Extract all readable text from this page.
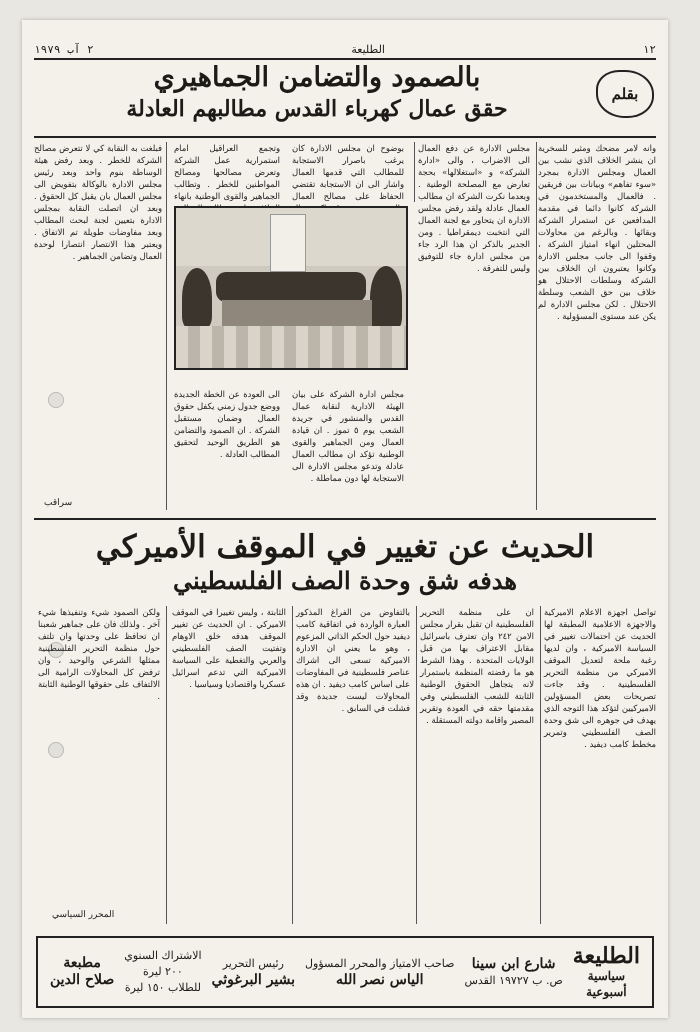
١٢
الطليعة
٢ آب ١٩٧٩
بقلم
بالصمود والتضامن الجماهيري
حقق عمال كهرباء القدس مطالبهم العادلة
وانه لامر مضحك ومثير للسخرية ان ينشر الخلاف الذي نشب بين العمال ومجلس الادارة بمجرد «سوء تفاهم» وبيانات بين فريقين . فالعمال والمستخدمون في الشركة كانوا دائما في مقدمة المدافعين عن استمرار الشركة وبقائها . وبالرغم من محاولات المحتلين انهاء امتياز الشركة ، وقفوا الى جانب مجلس الادارة وكانوا يعتبرون ان الخلاف بين الشركة وسلطات الاحتلال هو خلاف بين حق الشعب وسلطة الاحتلال . لكن مجلس الادارة لم يكن عند مستوى المسؤولية .
مجلس الادارة عن دفع العمال الى الاضراب ، والى «ادارة الشركة» و «استغلالها» بحجة تعارض مع المصلحة الوطنية . وبعدما نكرت الشركة ان مطالب العمال عادلة ولقد رفض مجلس الادارة ان يتحاور مع لجنة العمال التي انتخبت ديمقراطيا . ومن الجدير بالذكر ان هذا الرد جاء من مجلس ادارة جاء للتوفيق وليس للتفرقة .
بوضوح ان مجلس الادارة كان يرغب باصرار الاستجابة للمطالب التي قدمها العمال واشار الى ان الاستجابة تقتضي الحفاظ على مصالح العمال
وتجمع العراقيل امام استمرارية عمل الشركة وتعرض مصالحها ومصالح المواطنين للخطر . وتطالب الجماهير والقوى الوطنية بانهاء
فبلغت به النقابة كي لا تتعرض مصالح الشركة للخطر . وبعد رفض هيئة الوساطة بنوم واحد وبعد رئيس مجلس الادارة بالوكالة بتفويض الى مجلس العمال بان يقبل كل الحقوق . وبعد ان اتصلت النقابة بمجلس الادارة بتعيين لجنة لبحث المطالب وبعد مفاوضات طويلة تم الاتفاق . ويعتبر هذا الانتصار انتصارا لوحدة العمال وتضامن الجماهير .
مجلس ادارة الشركة على بيان الهيئة الادارية لنقابة عمال القدس والمنشور في جريدة الشعب يوم ٥ تموز . ان قيادة العمال ومن الجماهير والقوى الوطنية تؤكد ان مطالب العمال عادلة وتدعو مجلس الادارة الى الاستجابة لها دون مماطلة .
الى العودة عن الخطة الجديدة ووضع جدول زمني يكفل حقوق العمال وضمان مستقبل الشركة . ان الصمود والتضامن هو الطريق الوحيد لتحقيق المطالب العادلة .
سراقب
الحديث عن تغيير في الموقف الأميركي
هدفه شق وحدة الصف الفلسطيني
تواصل اجهزة الاعلام الاميركية والاجهزة الاعلامية المطبقة لها الحديث عن احتمالات تغيير في السياسة الاميركية ، وان لديها رغبة ملحة لتعديل الموقف الاميركي من منظمة التحرير الفلسطينية . وقد جاءت تصريحات بعض المسؤولين الاميركيين لتؤكد هذا التوجه الذي يهدف في جوهره الى شق وحدة الصف الفلسطيني وتمرير مخطط كامب ديفيد .
ان على منظمة التحرير الفلسطينية ان تقبل بقرار مجلس الامن ٢٤٢ وان تعترف باسرائيل مقابل الاعتراف بها من قبل الولايات المتحدة . وهذا الشرط هو ما رفضته المنظمة باستمرار لانه يتجاهل الحقوق الوطنية الثابتة للشعب الفلسطيني وفي مقدمتها حقه في العودة وتقرير المصير واقامة دولته المستقلة .
بالتفاوض من الفراغ المذكور العبارة الواردة في اتفاقية كامب ديفيد حول الحكم الذاتي المزعوم ، وهو ما يعني ان الادارة الاميركية تسعى الى اشراك عناصر فلسطينية في المفاوضات على اساس كامب ديفيد . ان هذه المحاولات ليست جديدة وقد فشلت في السابق .
الثابتة ، وليس تغييرا في الموقف الاميركي . ان الحديث عن تغيير الموقف هدفه خلق الاوهام وتفتيت الصف الفلسطيني والعربي والتغطية على السياسة الاميركية التي تدعم اسرائيل عسكريا واقتصاديا وسياسيا .
ولكن الصمود شيء وتنفيذها شيء آخر . ولذلك فان على جماهير شعبنا ان تحافظ على وحدتها وان تلتف حول منظمة التحرير الفلسطينية ممثلها الشرعي والوحيد ، وان ترفض كل المحاولات الرامية الى الالتفاف على حقوقها الوطنية الثابتة .
المحرر السياسي
الطليعة
سياسية
أسبوعية
شارع ابن سينا
ص. ب ١٩٧٢٧ القدس
صاحب الامتياز والمحرر المسؤول
الياس نصر الله
رئيس التحرير
بشير البرغوثي
الاشتراك السنوي
٢٠٠ ليرة
للطلاب ١٥٠ ليرة
مطبعة
صلاح الدين
